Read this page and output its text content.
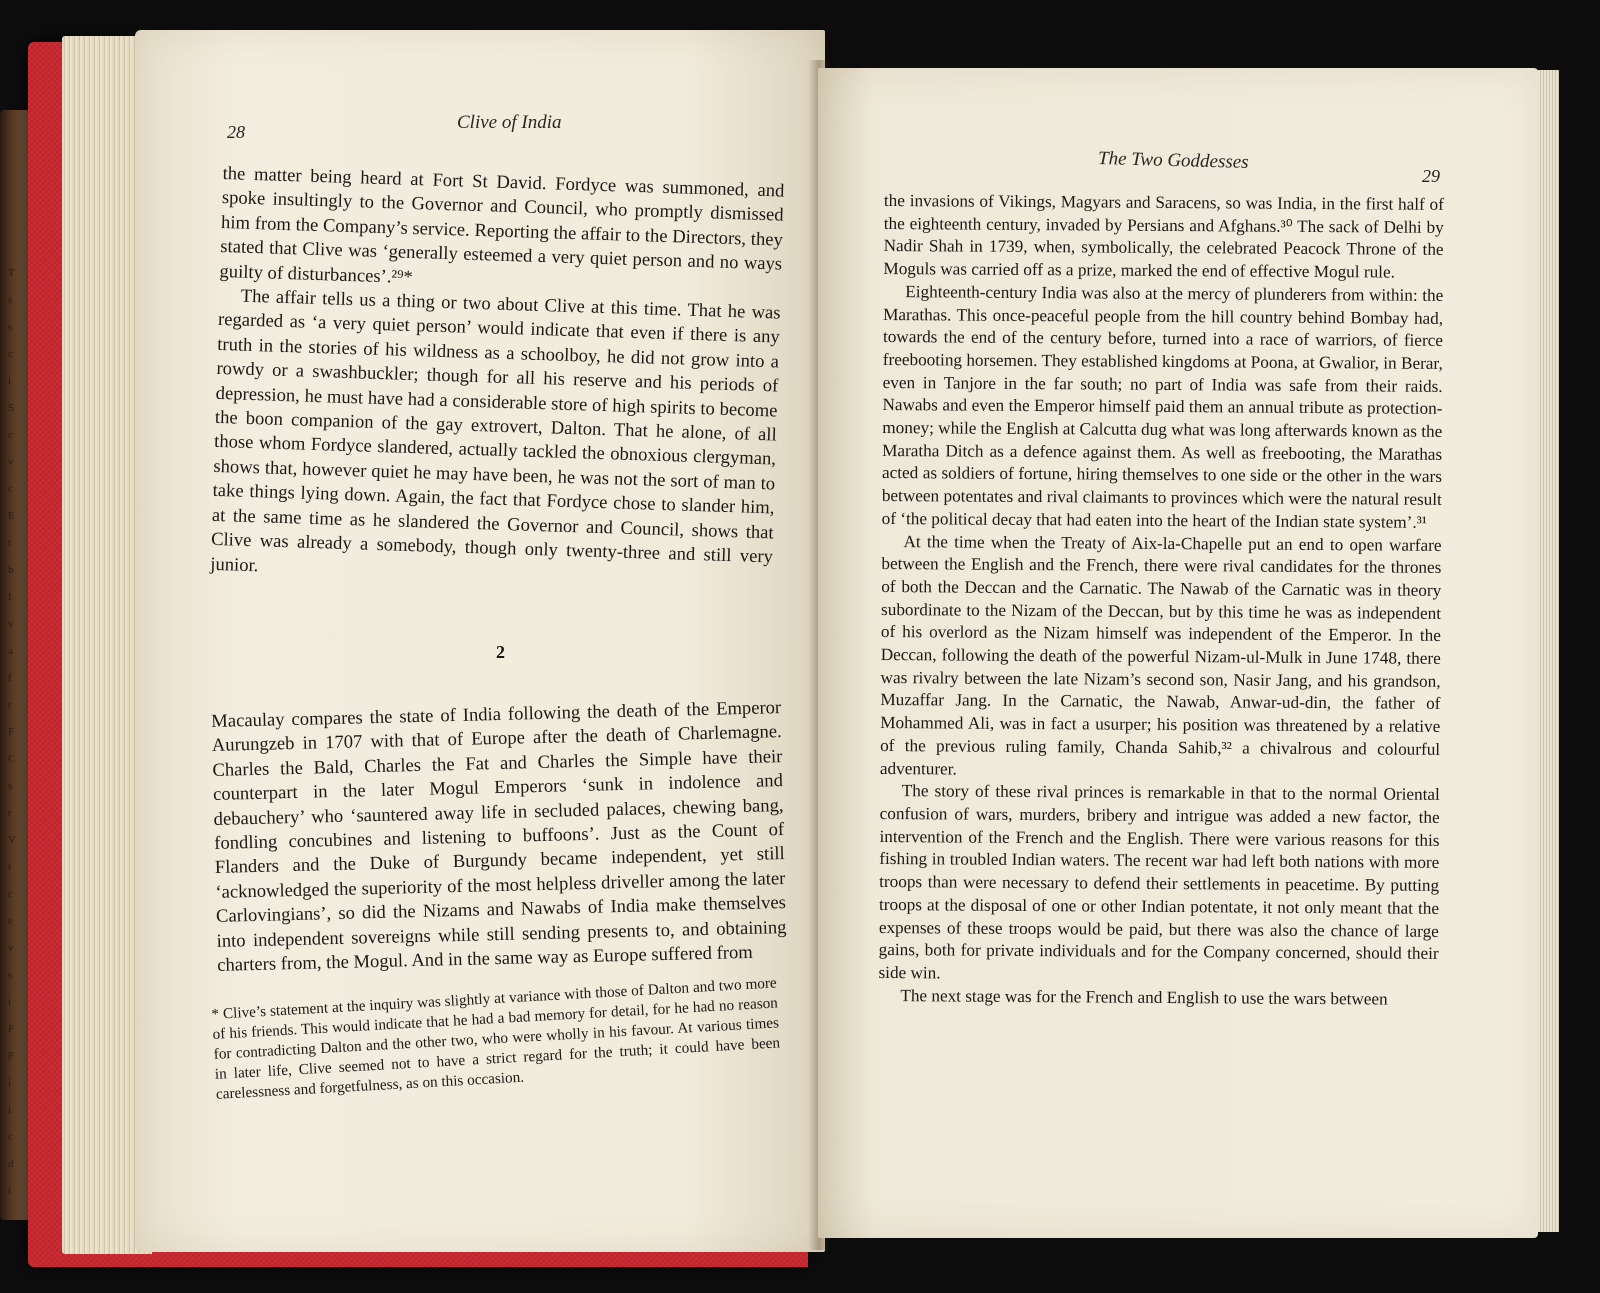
T
s
s
c
i
S
c
v
c
E
t
b
I
v
a
f
r
F
C
s
r
V
t
c
e
v
s
i
F
F
i
i
c
d
i
28	Clive of India

the matter being heard at Fort St David. Fordyce was summoned, and spoke insultingly to the Governor and Council, who promptly dismissed him from the Company’s service. Reporting the affair to the Directors, they stated that Clive was ‘generally esteemed a very quiet person and no ways guilty of disturbances’.²⁹*

The affair tells us a thing or two about Clive at this time. That he was regarded as ‘a very quiet person’ would indicate that even if there is any truth in the stories of his wildness as a schoolboy, he did not grow into a rowdy or a swashbuckler; though for all his reserve and his periods of depression, he must have had a considerable store of high spirits to become the boon companion of the gay extrovert, Dalton. That he alone, of all those whom Fordyce slandered, actually tackled the obnoxious clergyman, shows that, however quiet he may have been, he was not the sort of man to take things lying down. Again, the fact that Fordyce chose to slander him, at the same time as he slandered the Governor and Council, shows that Clive was already a somebody, though only twenty-three and still very junior.

2

Macaulay compares the state of India following the death of the Emperor Aurungzeb in 1707 with that of Europe after the death of Charlemagne. Charles the Bald, Charles the Fat and Charles the Simple have their counterpart in the later Mogul Emperors ‘sunk in indolence and debauchery’ who ‘sauntered away life in secluded palaces, chewing bang, fondling concubines and listening to buffoons’. Just as the Count of Flanders and the Duke of Burgundy became independent, yet still ‘acknowledged the superiority of the most helpless driveller among the later Carlovingians’, so did the Nizams and Nawabs of India make themselves into independent sovereigns while still sending presents to, and obtaining charters from, the Mogul. And in the same way as Europe suffered from

* Clive’s statement at the inquiry was slightly at variance with those of Dalton and two more of his friends. This would indicate that he had a bad memory for detail, for he had no reason for contradicting Dalton and the other two, who were wholly in his favour. At various times in later life, Clive seemed not to have a strict regard for the truth; it could have been carelessness and forgetfulness, as on this occasion.
The Two Goddesses
29

the invasions of Vikings, Magyars and Saracens, so was India, in the first half of the eighteenth century, invaded by Persians and Afghans.³⁰ The sack of Delhi by Nadir Shah in 1739, when, symbolically, the celebrated Peacock Throne of the Moguls was carried off as a prize, marked the end of effective Mogul rule.

Eighteenth-century India was also at the mercy of plunderers from within: the Marathas. This once-peaceful people from the hill country behind Bombay had, towards the end of the century before, turned into a race of warriors, of fierce freebooting horsemen. They established kingdoms at Poona, at Gwalior, in Berar, even in Tanjore in the far south; no part of India was safe from their raids. Nawabs and even the Emperor himself paid them an annual tribute as protection-money; while the English at Calcutta dug what was long afterwards known as the Maratha Ditch as a defence against them. As well as freebooting, the Marathas acted as soldiers of fortune, hiring themselves to one side or the other in the wars between potentates and rival claimants to provinces which were the natural result of ‘the political decay that had eaten into the heart of the Indian state system’.³¹

At the time when the Treaty of Aix-la-Chapelle put an end to open warfare between the English and the French, there were rival candidates for the thrones of both the Deccan and the Carnatic. The Nawab of the Carnatic was in theory subordinate to the Nizam of the Deccan, but by this time he was as independent of his overlord as the Nizam himself was independent of the Emperor. In the Deccan, following the death of the powerful Nizam-ul-Mulk in June 1748, there was rivalry between the late Nizam’s second son, Nasir Jang, and his grandson, Muzaffar Jang. In the Carnatic, the Nawab, Anwar-ud-din, the father of Mohammed Ali, was in fact a usurper; his position was threatened by a relative of the previous ruling family, Chanda Sahib,³² a chivalrous and colourful adventurer.

The story of these rival princes is remarkable in that to the normal Oriental confusion of wars, murders, bribery and intrigue was added a new factor, the intervention of the French and the English. There were various reasons for this fishing in troubled Indian waters. The recent war had left both nations with more troops than were necessary to defend their settlements in peacetime. By putting troops at the disposal of one or other Indian potentate, it not only meant that the expenses of these troops would be paid, but there was also the chance of large gains, both for private individuals and for the Company concerned, should their side win.

The next stage was for the French and English to use the wars between
